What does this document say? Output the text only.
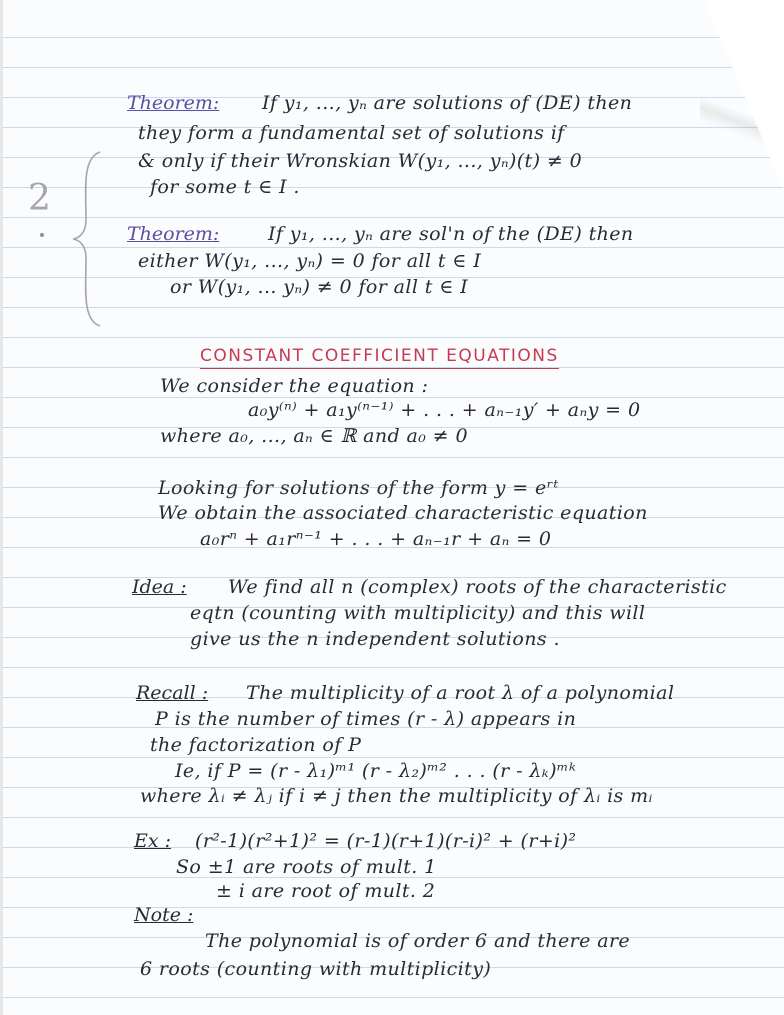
2
Theorem: If y₁, ..., yₙ are solutions of (DE) then
they form a fundamental set of solutions if
& only if their Wronskian W(y₁, ..., yₙ)(t) ≠ 0
for some t ∈ I .
Theorem:	If y₁, ..., yₙ are sol'n of the (DE) then
either W(y₁, ..., yₙ) = 0 for all t ∈ I
or W(y₁, ... yₙ) ≠ 0 for all t ∈ I
CONSTANT COEFFICIENT EQUATIONS
We consider the equation :
a₀y⁽ⁿ⁾ + a₁y⁽ⁿ⁻¹⁾ + . . . + aₙ₋₁y′ + aₙy = 0
where a₀, ..., aₙ ∈ ℝ and a₀ ≠ 0
Looking for solutions of the form y = eʳᵗ
We obtain the associated characteristic equation
a₀rⁿ + a₁rⁿ⁻¹ + . . . + aₙ₋₁r + aₙ = 0
Idea : We find all n (complex) roots of the characteristic
eqtn (counting with multiplicity) and this will
give us the n independent solutions .
Recall : The multiplicity of a root λ of a polynomial
P is the number of times (r - λ) appears in
the factorization of P
Ie, if P = (r - λ₁)ᵐ¹ (r - λ₂)ᵐ² . . . (r - λₖ)ᵐᵏ
where λᵢ ≠ λⱼ if i ≠ j then the multiplicity of λᵢ is mᵢ
Ex : (r²-1)(r²+1)² = (r-1)(r+1)(r-i)² + (r+i)²
So ±1 are roots of mult. 1
± i are root of mult. 2
Note :
The polynomial is of order 6 and there are
6 roots (counting with multiplicity)
